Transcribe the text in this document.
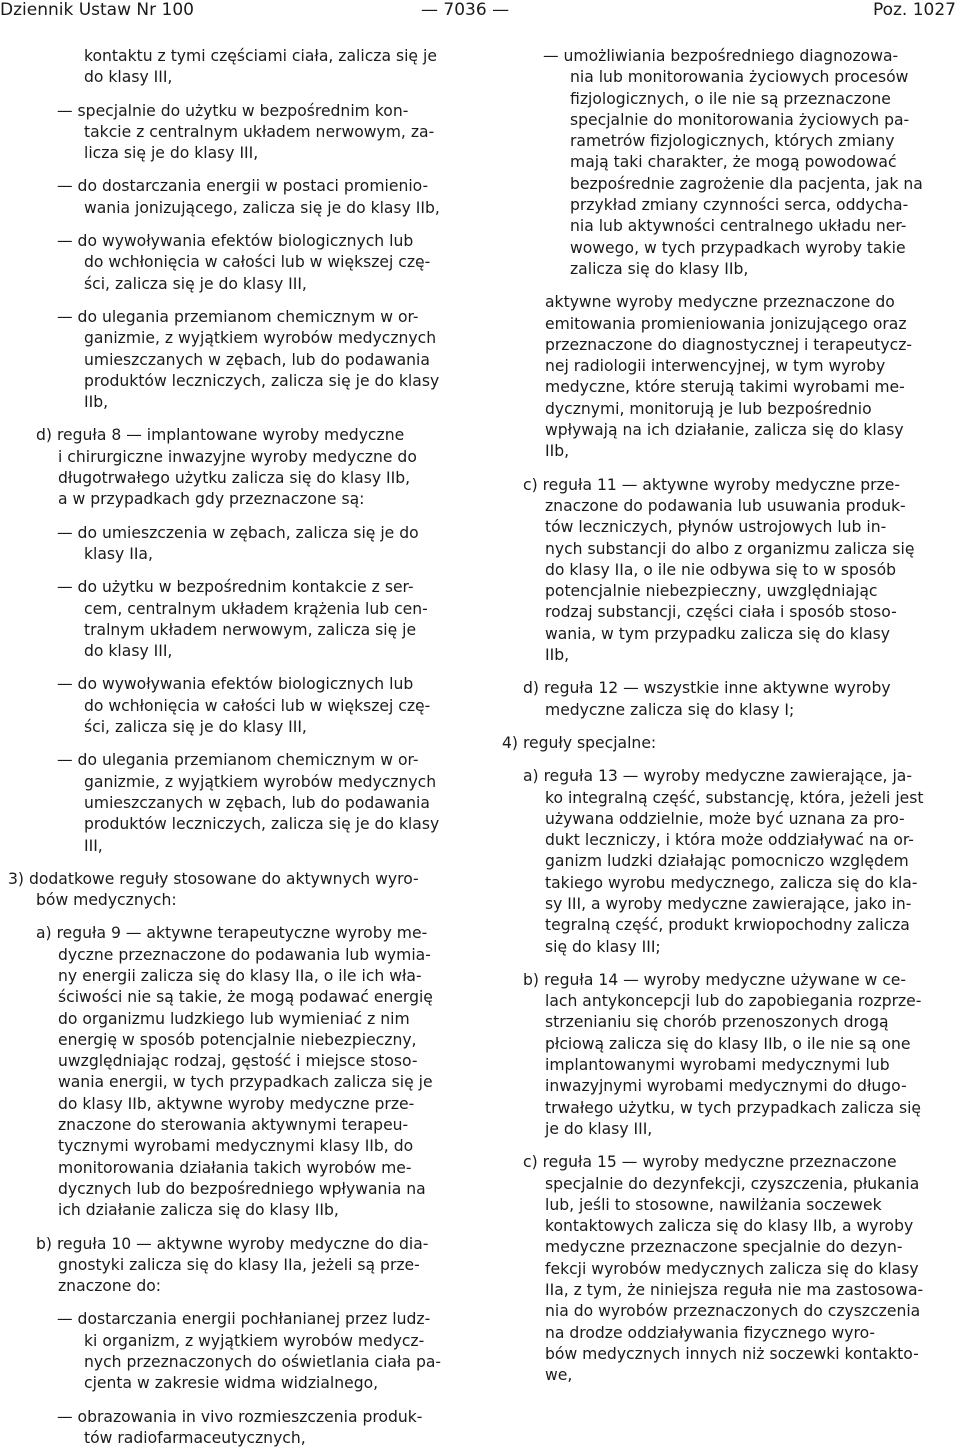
Dziennik Ustaw Nr 100	— 7036 —	Poz. 1027
kontaktu z tymi częściami ciała, zalicza się je
do klasy III,
— specjalnie do użytku w bezpośrednim kon-
takcie z centralnym układem nerwowym, za-
licza się je do klasy III,
— do dostarczania energii w postaci promienio-
wania jonizującego, zalicza się je do klasy IIb,
— do wywoływania efektów biologicznych lub
do wchłonięcia w całości lub w większej czę-
ści, zalicza się je do klasy III,
— do ulegania przemianom chemicznym w or-
ganizmie, z wyjątkiem wyrobów medycznych
umieszczanych w zębach, lub do podawania
produktów leczniczych, zalicza się je do klasy
IIb,
d) reguła 8 — implantowane wyroby medyczne
i chirurgiczne inwazyjne wyroby medyczne do
długotrwałego użytku zalicza się do klasy IIb,
a w przypadkach gdy przeznaczone są:
— do umieszczenia w zębach, zalicza się je do
klasy IIa,
— do użytku w bezpośrednim kontakcie z ser-
cem, centralnym układem krążenia lub cen-
tralnym układem nerwowym, zalicza się je
do klasy III,
— do wywoływania efektów biologicznych lub
do wchłonięcia w całości lub w większej czę-
ści, zalicza się je do klasy III,
— do ulegania przemianom chemicznym w or-
ganizmie, z wyjątkiem wyrobów medycznych
umieszczanych w zębach, lub do podawania
produktów leczniczych, zalicza się je do klasy
III,
3) dodatkowe reguły stosowane do aktywnych wyro-
bów medycznych:
a) reguła 9 — aktywne terapeutyczne wyroby me-
dyczne przeznaczone do podawania lub wymia-
ny energii zalicza się do klasy IIa, o ile ich wła-
ściwości nie są takie, że mogą podawać energię
do organizmu ludzkiego lub wymieniać z nim
energię w sposób potencjalnie niebezpieczny,
uwzględniając rodzaj, gęstość i miejsce stoso-
wania energii, w tych przypadkach zalicza się je
do klasy IIb, aktywne wyroby medyczne prze-
znaczone do sterowania aktywnymi terapeu-
tycznymi wyrobami medycznymi klasy IIb, do
monitorowania działania takich wyrobów me-
dycznych lub do bezpośredniego wpływania na
ich działanie zalicza się do klasy IIb,
b) reguła 10 — aktywne wyroby medyczne do dia-
gnostyki zalicza się do klasy IIa, jeżeli są prze-
znaczone do:
— dostarczania energii pochłanianej przez ludz-
ki organizm, z wyjątkiem wyrobów medycz-
nych przeznaczonych do oświetlania ciała pa-
cjenta w zakresie widma widzialnego,
— obrazowania in vivo rozmieszczenia produk-
tów radiofarmaceutycznych,
— umożliwiania bezpośredniego diagnozowa-
nia lub monitorowania życiowych procesów
fizjologicznych, o ile nie są przeznaczone
specjalnie do monitorowania życiowych pa-
rametrów fizjologicznych, których zmiany
mają taki charakter, że mogą powodować
bezpośrednie zagrożenie dla pacjenta, jak na
przykład zmiany czynności serca, oddycha-
nia lub aktywności centralnego układu ner-
wowego, w tych przypadkach wyroby takie
zalicza się do klasy IIb,
aktywne wyroby medyczne przeznaczone do
emitowania promieniowania jonizującego oraz
przeznaczone do diagnostycznej i terapeutycz-
nej radiologii interwencyjnej, w tym wyroby
medyczne, które sterują takimi wyrobami me-
dycznymi, monitorują je lub bezpośrednio
wpływają na ich działanie, zalicza się do klasy
IIb,
c) reguła 11 — aktywne wyroby medyczne prze-
znaczone do podawania lub usuwania produk-
tów leczniczych, płynów ustrojowych lub in-
nych substancji do albo z organizmu zalicza się
do klasy IIa, o ile nie odbywa się to w sposób
potencjalnie niebezpieczny, uwzględniając
rodzaj substancji, części ciała i sposób stoso-
wania, w tym przypadku zalicza się do klasy
IIb,
d) reguła 12 — wszystkie inne aktywne wyroby
medyczne zalicza się do klasy I;
4) reguły specjalne:
a) reguła 13 — wyroby medyczne zawierające, ja-
ko integralną część, substancję, która, jeżeli jest
używana oddzielnie, może być uznana za pro-
dukt leczniczy, i która może oddziaływać na or-
ganizm ludzki działając pomocniczo względem
takiego wyrobu medycznego, zalicza się do kla-
sy III, a wyroby medyczne zawierające, jako in-
tegralną część, produkt krwiopochodny zalicza
się do klasy III;
b) reguła 14 — wyroby medyczne używane w ce-
lach antykoncepcji lub do zapobiegania rozprze-
strzenianiu się chorób przenoszonych drogą
płciową zalicza się do klasy IIb, o ile nie są one
implantowanymi wyrobami medycznymi lub
inwazyjnymi wyrobami medycznymi do długo-
trwałego użytku, w tych przypadkach zalicza się
je do klasy III,
c) reguła 15 — wyroby medyczne przeznaczone
specjalnie do dezynfekcji, czyszczenia, płukania
lub, jeśli to stosowne, nawilżania soczewek
kontaktowych zalicza się do klasy IIb, a wyroby
medyczne przeznaczone specjalnie do dezyn-
fekcji wyrobów medycznych zalicza się do klasy
IIa, z tym, że niniejsza reguła nie ma zastosowa-
nia do wyrobów przeznaczonych do czyszczenia
na drodze oddziaływania fizycznego wyro-
bów medycznych innych niż soczewki kontakto-
we,
